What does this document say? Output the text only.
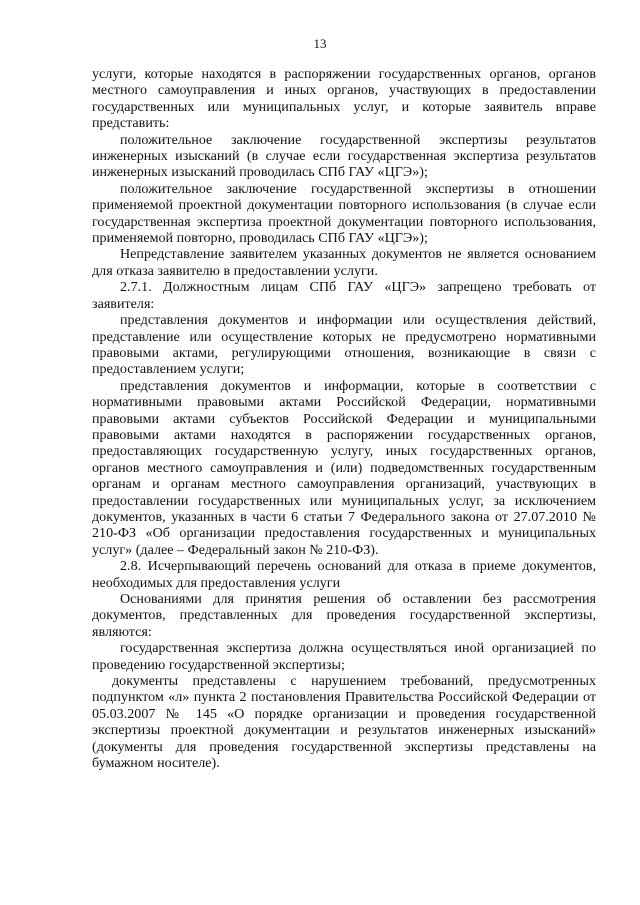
13

услуги, которые находятся в распоряжении государственных органов, органов местного самоуправления и иных органов, участвующих в предоставлении государственных или муниципальных услуг, и которые заявитель вправе представить:

положительное заключение государственной экспертизы результатов инженерных изысканий (в случае если государственная экспертиза результатов инженерных изысканий проводилась СПб ГАУ «ЦГЭ»);

положительное заключение государственной экспертизы в отношении применяемой проектной документации повторного использования (в случае если государственная экспертиза проектной документации повторного использования, применяемой повторно, проводилась СПб ГАУ «ЦГЭ»);

Непредставление заявителем указанных документов не является основанием для отказа заявителю в предоставлении услуги.

2.7.1. Должностным лицам СПб ГАУ «ЦГЭ» запрещено требовать от заявителя:

представления документов и информации или осуществления действий, представление или осуществление которых не предусмотрено нормативными правовыми актами, регулирующими отношения, возникающие в связи с предоставлением услуги;

представления документов и информации, которые в соответствии с нормативными правовыми актами Российской Федерации, нормативными правовыми актами субъектов Российской Федерации и муниципальными правовыми актами находятся в распоряжении государственных органов, предоставляющих государственную услугу, иных государственных органов, органов местного самоуправления и (или) подведомственных государственным органам и органам местного самоуправления организаций, участвующих в предоставлении государственных или муниципальных услуг, за исключением документов, указанных в части 6 статьи 7 Федерального закона от 27.07.2010 № 210-ФЗ «Об организации предоставления государственных и муниципальных услуг» (далее – Федеральный закон № 210-ФЗ).

2.8. Исчерпывающий перечень оснований для отказа в приеме документов, необходимых для предоставления услуги

Основаниями для принятия решения об оставлении без рассмотрения документов, представленных для проведения государственной экспертизы, являются:

государственная экспертиза должна осуществляться иной организацией по проведению государственной экспертизы;

документы представлены с нарушением требований, предусмотренных подпунктом «л» пункта 2 постановления Правительства Российской Федерации от 05.03.2007 № 145 «О порядке организации и проведения государственной экспертизы проектной документации и результатов инженерных изысканий» (документы для проведения государственной экспертизы представлены на бумажном носителе).
